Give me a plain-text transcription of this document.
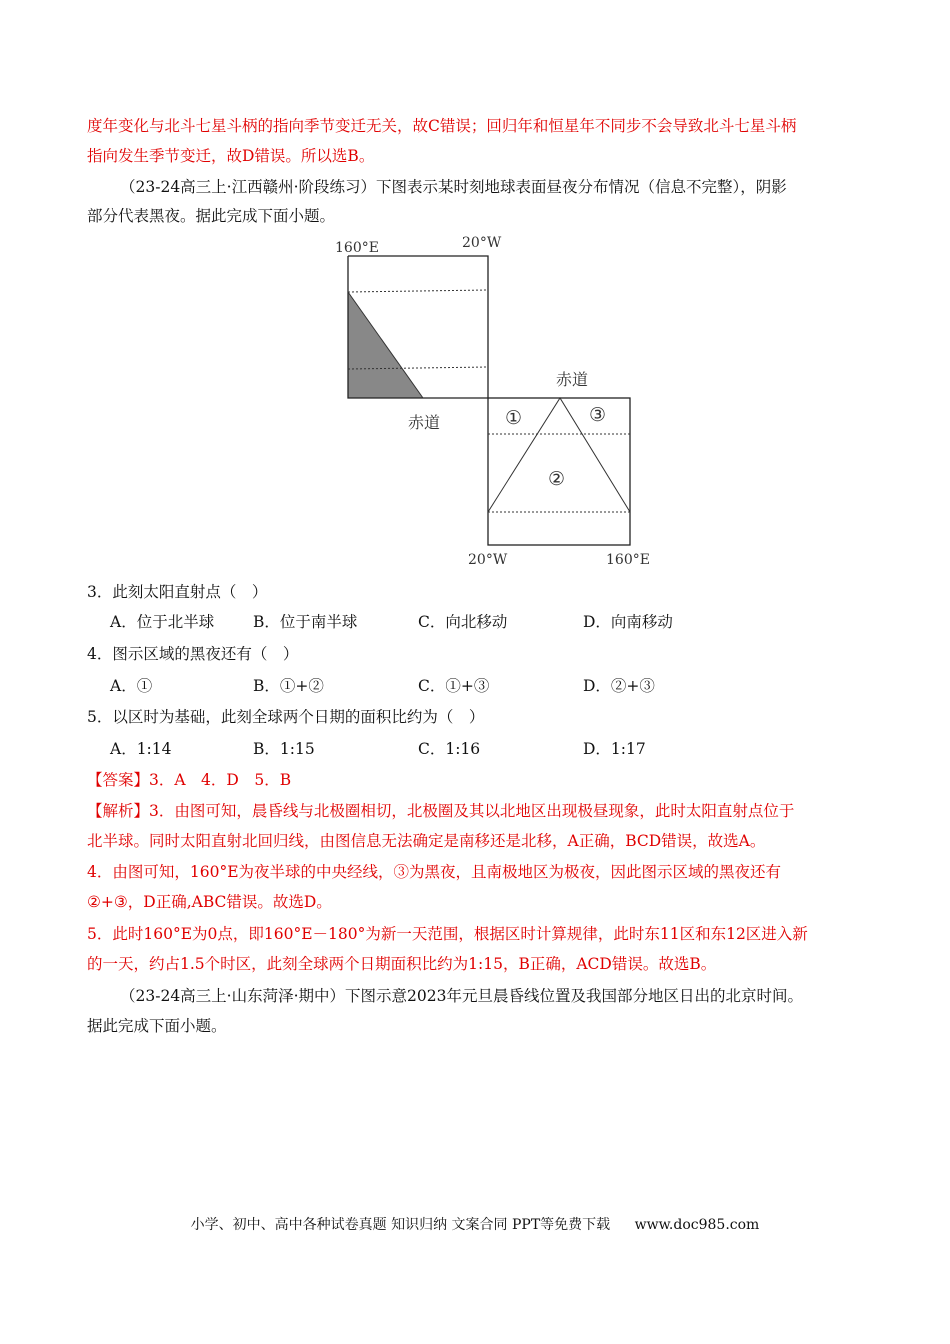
度年变化与北斗七星斗柄的指向季节变迁无关，故C错误；回归年和恒星年不同步不会导致北斗七星斗柄
指向发生季节变迁，故D错误。所以选B。
（23-24高三上·江西赣州·阶段练习）下图表示某时刻地球表面昼夜分布情况（信息不完整），阴影
部分代表黑夜。据此完成下面小题。
160°E	20°W
赤道
赤道
①	③
②
20°W	160°E
3．此刻太阳直射点（　）
A．位于北半球	B．位于南半球	C．向北移动	D．向南移动
4．图示区域的黑夜还有（　）
A．①	B．①+②	C．①+③	D．②+③
5．以区时为基础，此刻全球两个日期的面积比约为（　）
A．1:14	B．1:15	C．1:16	D．1:17
【答案】3．A　4．D　5．B
【解析】3．由图可知，晨昏线与北极圈相切，北极圈及其以北地区出现极昼现象，此时太阳直射点位于
北半球。同时太阳直射北回归线，由图信息无法确定是南移还是北移，A正确，BCD错误，故选A。
4．由图可知，160°E为夜半球的中央经线，③为黑夜，且南极地区为极夜，因此图示区域的黑夜还有
②+③，D正确,ABC错误。故选D。
5．此时160°E为0点，即160°E－180°为新一天范围，根据区时计算规律，此时东11区和东12区进入新
的一天，约占1.5个时区，此刻全球两个日期面积比约为1:15，B正确，ACD错误。故选B。
（23-24高三上·山东菏泽·期中）下图示意2023年元旦晨昏线位置及我国部分地区日出的北京时间。
据此完成下面小题。
小学、初中、高中各种试卷真题 知识归纳 文案合同 PPT等免费下载 www.doc985.com
